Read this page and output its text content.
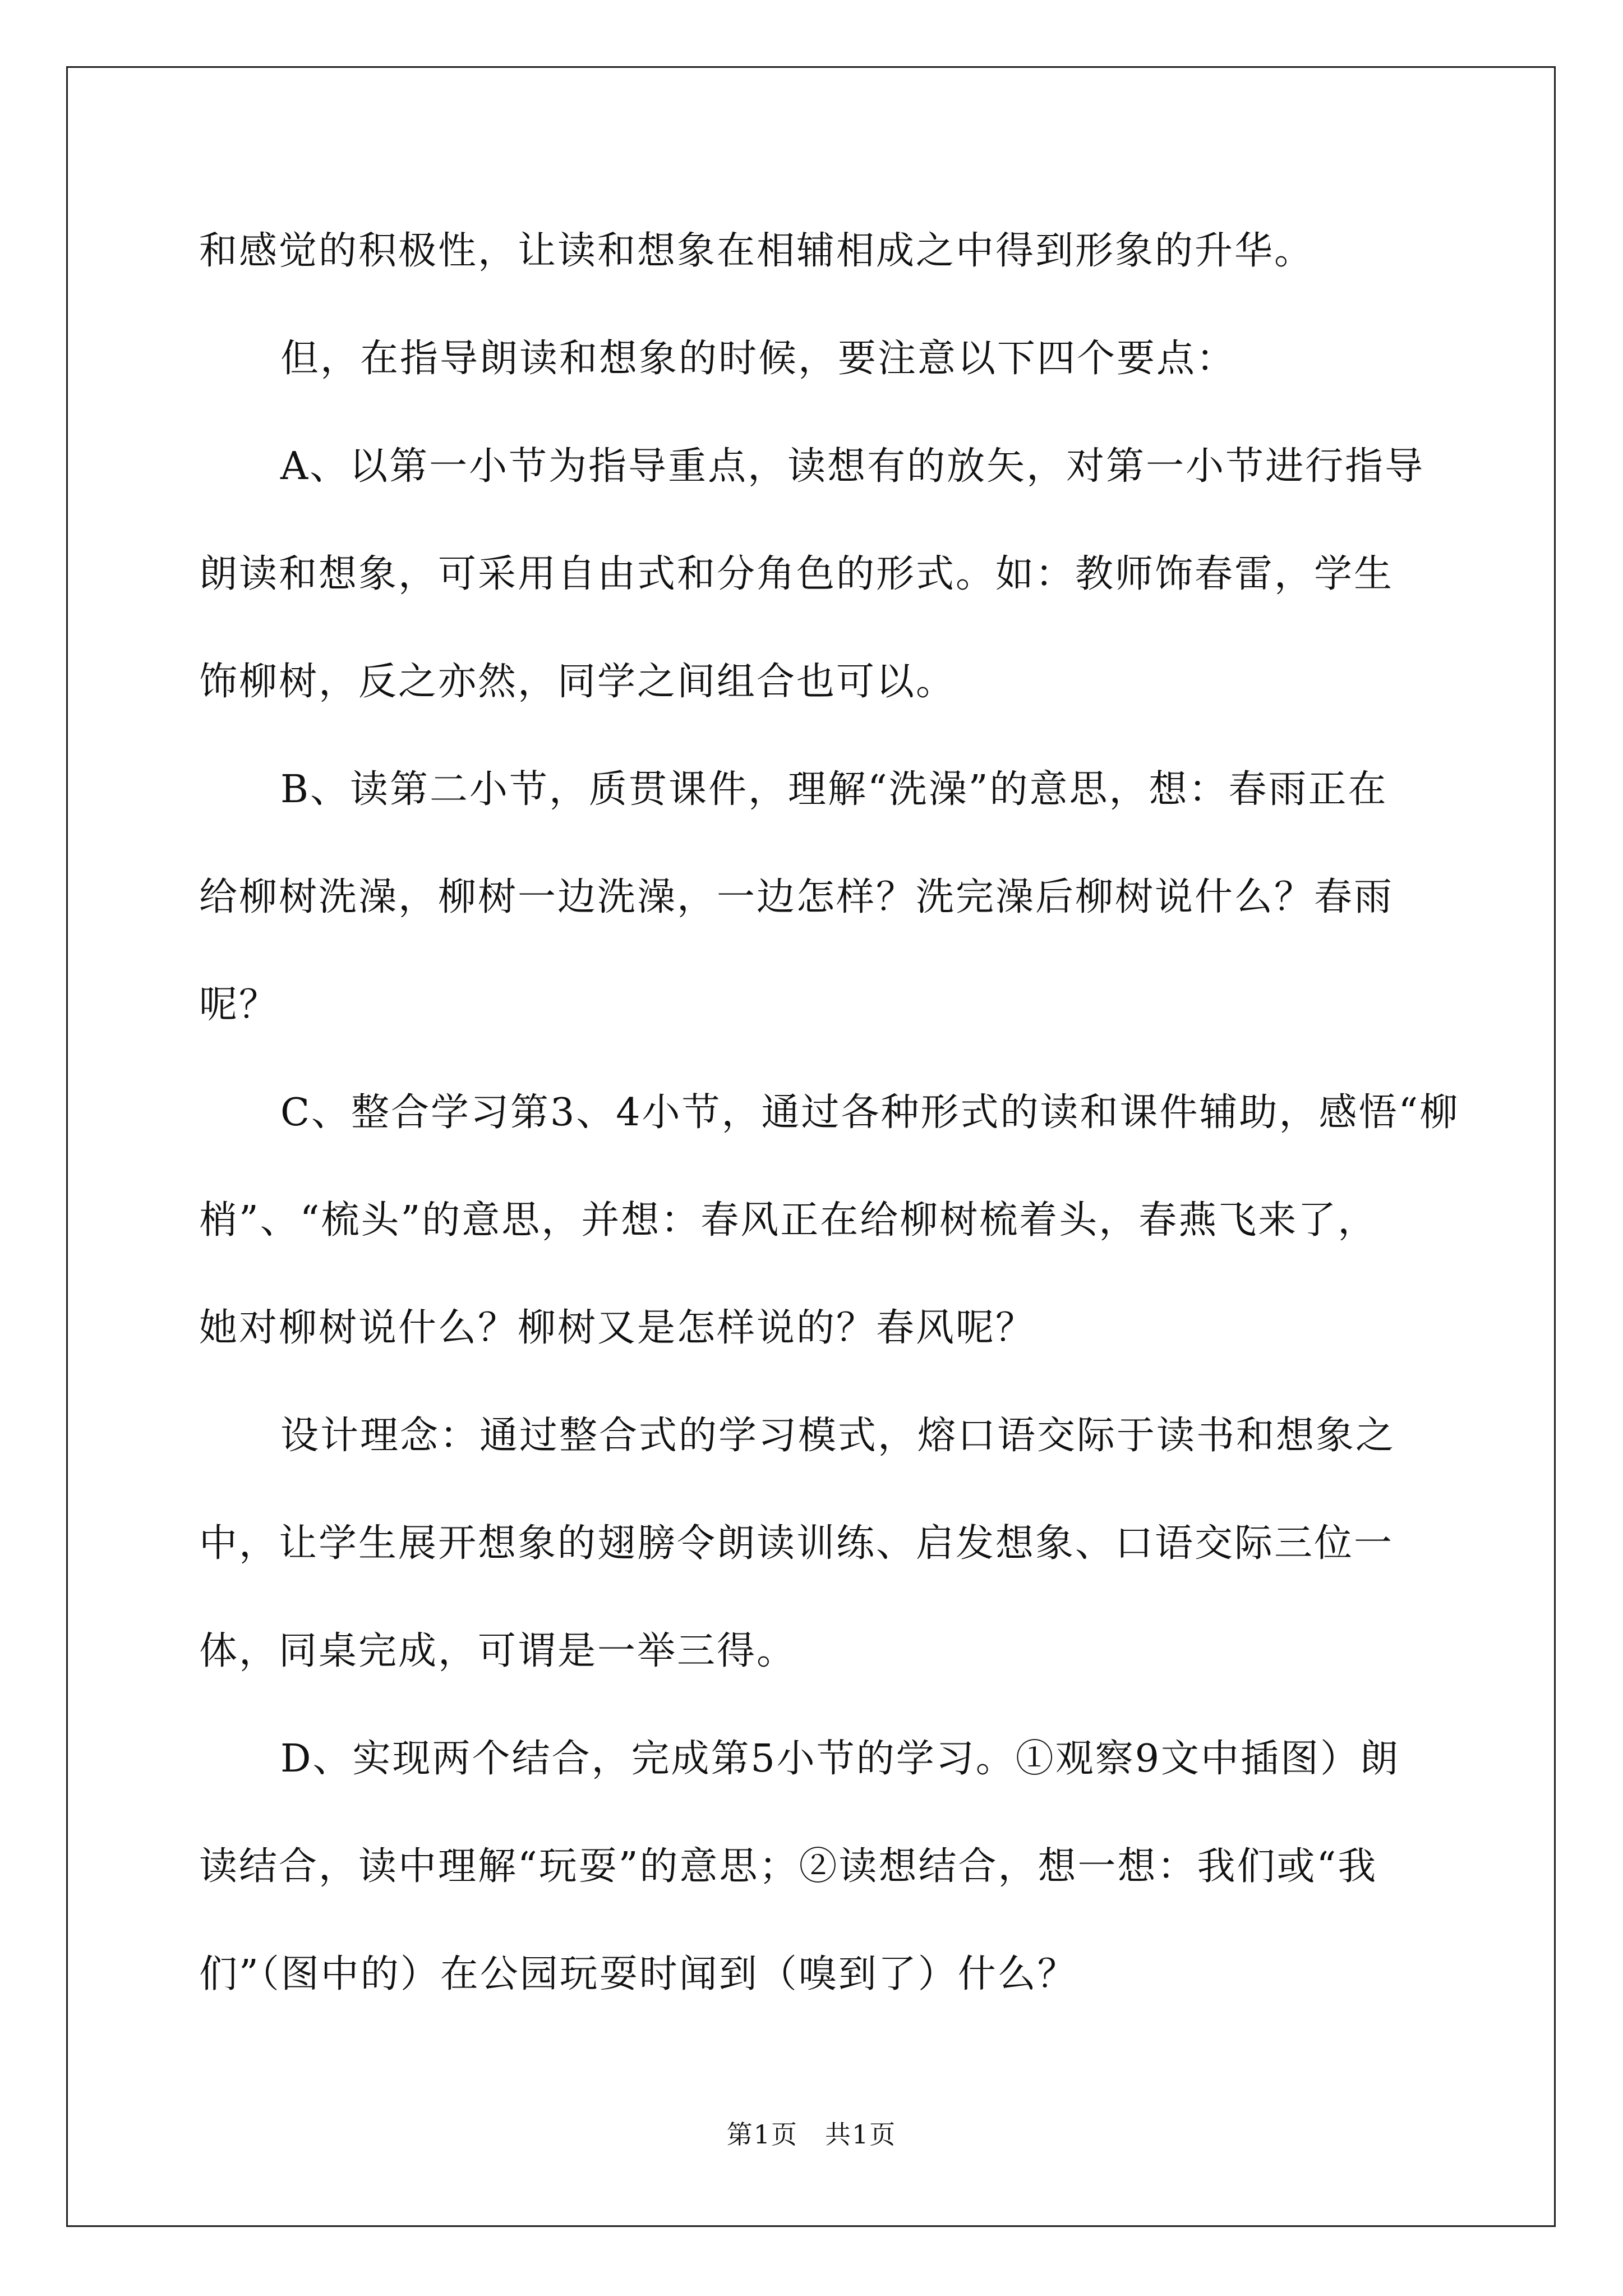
和感觉的积极性，让读和想象在相辅相成之中得到形象的升华。
但，在指导朗读和想象的时候，要注意以下四个要点：
A、以第一小节为指导重点，读想有的放矢，对第一小节进行指导
朗读和想象，可采用自由式和分角色的形式。如：教师饰春雷，学生
饰柳树，反之亦然，同学之间组合也可以。
B、读第二小节，质贯课件，理解“洗澡”的意思，想：春雨正在
给柳树洗澡，柳树一边洗澡，一边怎样？洗完澡后柳树说什么？春雨
呢？
C、整合学习第3、4小节，通过各种形式的读和课件辅助，感悟“柳
梢”、“梳头”的意思，并想：春风正在给柳树梳着头，春燕飞来了，
她对柳树说什么？柳树又是怎样说的？春风呢？
设计理念：通过整合式的学习模式，熔口语交际于读书和想象之
中，让学生展开想象的翅膀令朗读训练、启发想象、口语交际三位一
体，同桌完成，可谓是一举三得。
D、实现两个结合，完成第5小节的学习。①观察9文中插图）朗
读结合，读中理解“玩耍”的意思；②读想结合，想一想：我们或“我
们”（图中的）在公园玩耍时闻到（嗅到了）什么？
第1页　共1页
